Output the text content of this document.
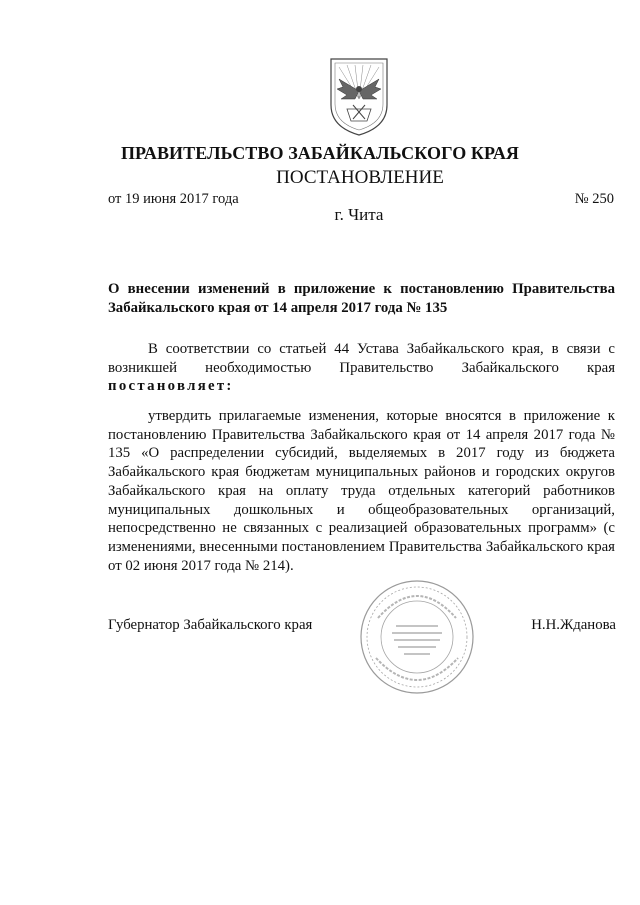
ПРАВИТЕЛЬСТВО ЗАБАЙКАЛЬСКОГО КРАЯ
ПОСТАНОВЛЕНИЕ
от 19 июня 2017 года	№ 250
г. Чита
О внесении изменений в приложение к постановлению Правительства Забайкальского края от 14 апреля 2017 года № 135
В соответствии со статьей 44 Устава Забайкальского края, в связи с возникшей необходимостью Правительство Забайкальского края постановляет:
утвердить прилагаемые изменения, которые вносятся в приложение к постановлению Правительства Забайкальского края от 14 апреля 2017 года № 135 «О распределении субсидий, выделяемых в 2017 году из бюджета Забайкальского края бюджетам муниципальных районов и городских округов Забайкальского края на оплату труда отдельных категорий работников муниципальных дошкольных и общеобразовательных организаций, непосредственно не связанных с реализацией образовательных программ» (с изменениями, внесенными постановлением Правительства Забайкальского края от 02 июня 2017 года № 214).
Губернатор Забайкальского края	Н.Н.Жданова
